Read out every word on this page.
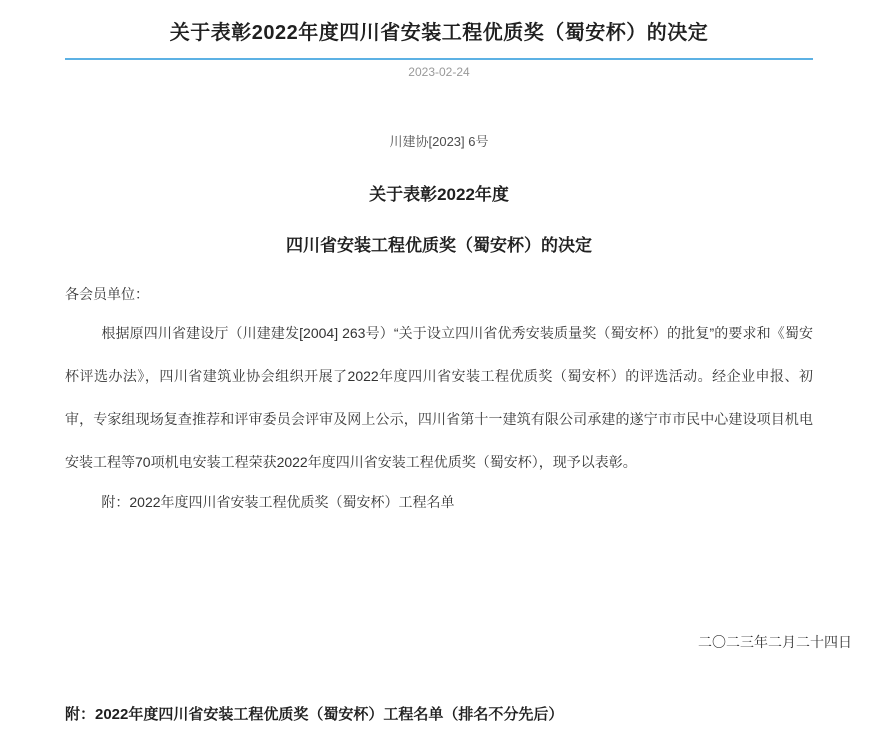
关于表彰2022年度四川省安装工程优质奖（蜀安杯）的决定
2023-02-24
川建协[2023] 6号
关于表彰2022年度
四川省安装工程优质奖（蜀安杯）的决定

各会员单位：

根据原四川省建设厅（川建建发[2004] 263号）“关于设立四川省优秀安装质量奖（蜀安杯）的批复”的要求和《蜀安杯评选办法》，四川省建筑业协会组织开展了2022年度四川省安装工程优质奖（蜀安杯）的评选活动。经企业申报、初审，专家组现场复查推荐和评审委员会评审及网上公示，四川省第十一建筑有限公司承建的遂宁市市民中心建设项目机电安装工程等70项机电安装工程荣获2022年度四川省安装工程优质奖（蜀安杯），现予以表彰。

附：2022年度四川省安装工程优质奖（蜀安杯）工程名单

二〇二三年二月二十四日

附：2022年度四川省安装工程优质奖（蜀安杯）工程名单（排名不分先后）
